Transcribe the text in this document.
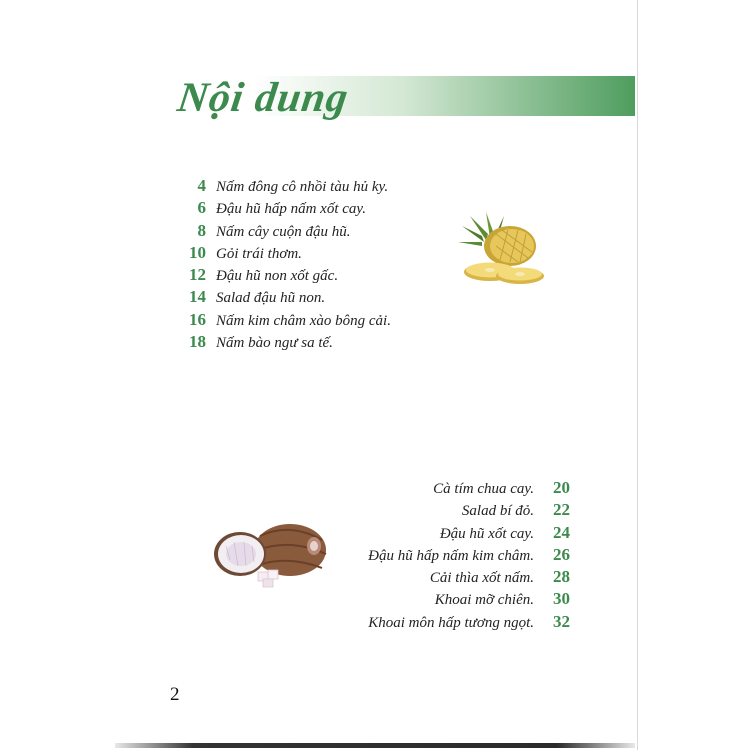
Nội dung
4 Nấm đông cô nhồi tàu hủ ky.
6 Đậu hũ hấp nấm xốt cay.
8 Nấm cây cuộn đậu hũ.
10 Gỏi trái thơm.
12 Đậu hũ non xốt gấc.
14 Salad đậu hũ non.
16 Nấm kim châm xào bông cải.
18 Nấm bào ngư sa tế.
Cà tím chua cay.	20
Salad bí đỏ.	22
Đậu hũ xốt cay.	24
Đậu hũ hấp nấm kim châm.	26
Cải thìa xốt nấm.	28
Khoai mỡ chiên.	30
Khoai môn hấp tương ngọt.	32
2
